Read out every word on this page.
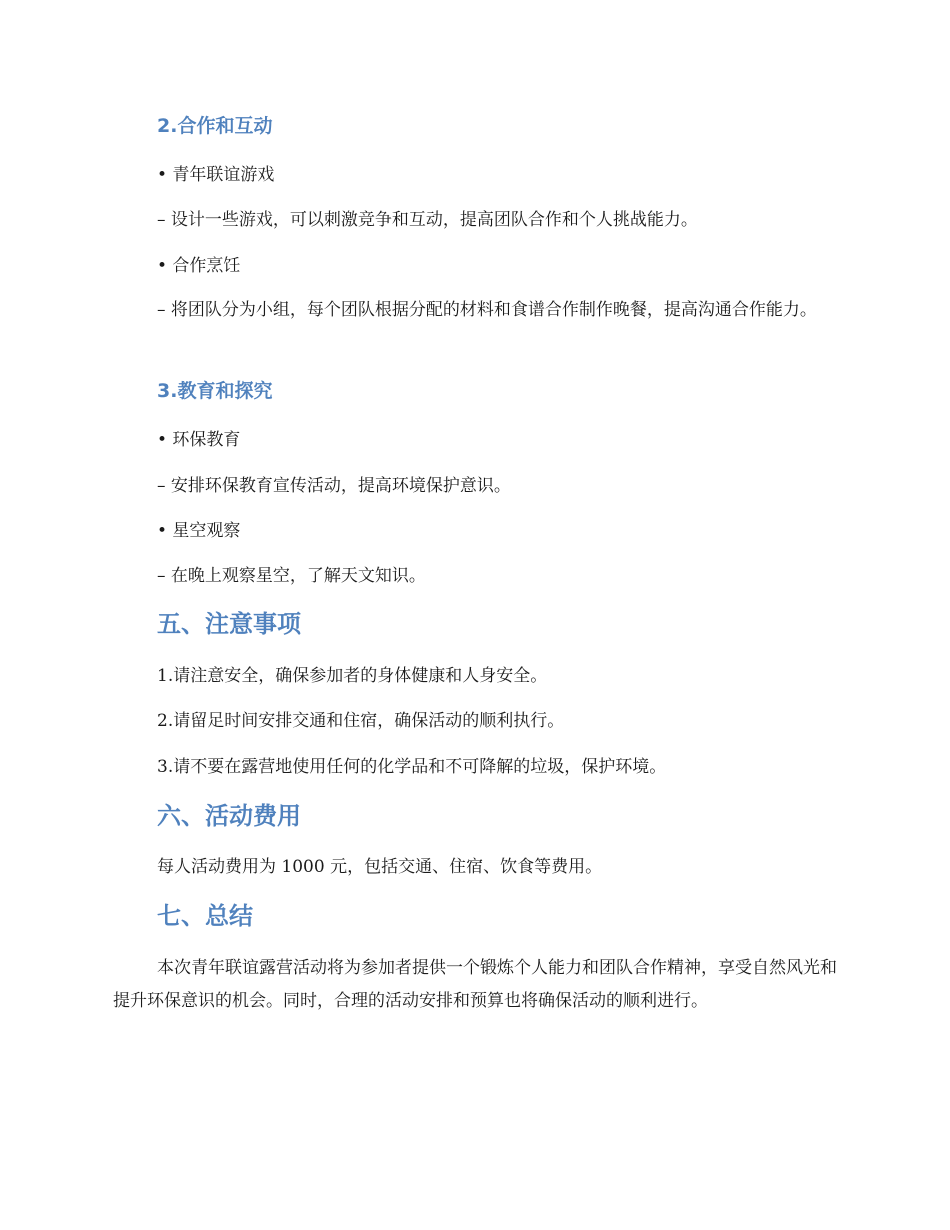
2.合作和互动

• 青年联谊游戏

– 设计一些游戏，可以刺激竞争和互动，提高团队合作和个人挑战能力。

• 合作烹饪

– 将团队分为小组，每个团队根据分配的材料和食谱合作制作晚餐，提高沟通合作能力。

3.教育和探究

• 环保教育

– 安排环保教育宣传活动，提高环境保护意识。

• 星空观察

– 在晚上观察星空，了解天文知识。

五、注意事项

1.请注意安全，确保参加者的身体健康和人身安全。

2.请留足时间安排交通和住宿，确保活动的顺利执行。

3.请不要在露营地使用任何的化学品和不可降解的垃圾，保护环境。

六、活动费用

每人活动费用为 1000 元，包括交通、住宿、饮食等费用。

七、总结

本次青年联谊露营活动将为参加者提供一个锻炼个人能力和团队合作精神，享受自然风光和提升环保意识的机会。同时，合理的活动安排和预算也将确保活动的顺利进行。
